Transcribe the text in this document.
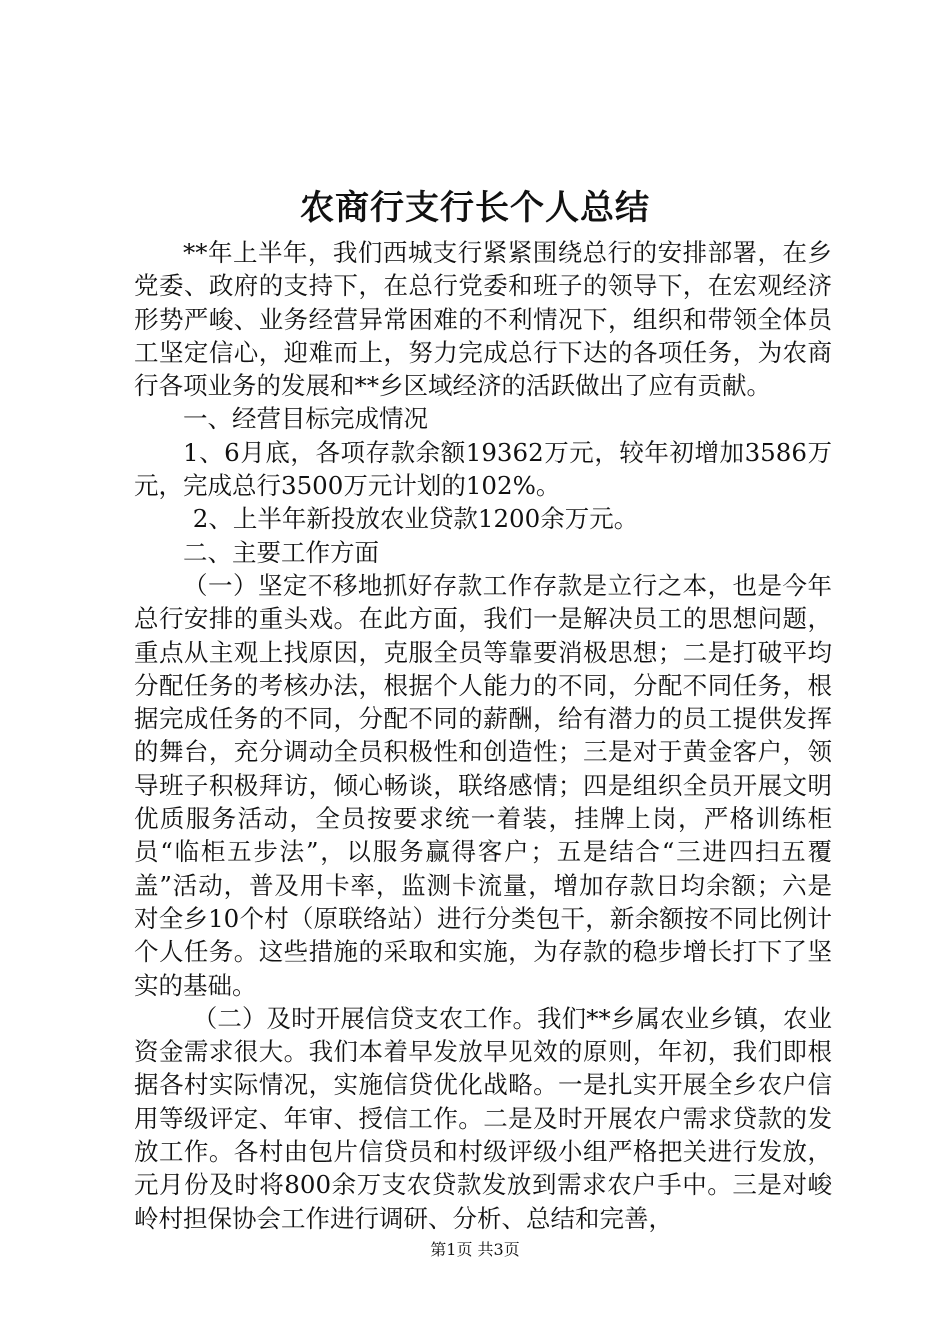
农商行支行长个人总结

**年上半年，我们西城支行紧紧围绕总行的安排部署，在乡党委、政府的支持下，在总行党委和班子的领导下，在宏观经济形势严峻、业务经营异常困难的不利情况下，组织和带领全体员工坚定信心，迎难而上，努力完成总行下达的各项任务，为农商行各项业务的发展和**乡区域经济的活跃做出了应有贡献。

一、经营目标完成情况

1、6月底，各项存款余额19362万元，较年初增加3586万元，完成总行3500万元计划的102%。

2、上半年新投放农业贷款1200余万元。

二、主要工作方面

（一）坚定不移地抓好存款工作存款是立行之本，也是今年总行安排的重头戏。在此方面，我们一是解决员工的思想问题，重点从主观上找原因，克服全员等靠要消极思想；二是打破平均分配任务的考核办法，根据个人能力的不同，分配不同任务，根据完成任务的不同，分配不同的薪酬，给有潜力的员工提供发挥的舞台，充分调动全员积极性和创造性；三是对于黄金客户，领导班子积极拜访，倾心畅谈，联络感情；四是组织全员开展文明优质服务活动，全员按要求统一着装，挂牌上岗，严格训练柜员“临柜五步法”，以服务赢得客户；五是结合“三进四扫五覆盖”活动，普及用卡率，监测卡流量，增加存款日均余额；六是对全乡10个村（原联络站）进行分类包干，新余额按不同比例计个人任务。这些措施的采取和实施，为存款的稳步增长打下了坚实的基础。

（二）及时开展信贷支农工作。我们**乡属农业乡镇，农业资金需求很大。我们本着早发放早见效的原则，年初，我们即根据各村实际情况，实施信贷优化战略。一是扎实开展全乡农户信用等级评定、年审、授信工作。二是及时开展农户需求贷款的发放工作。各村由包片信贷员和村级评级小组严格把关进行发放，元月份及时将800余万支农贷款发放到需求农户手中。三是对峻岭村担保协会工作进行调研、分析、总结和完善，

第1页 共3页
